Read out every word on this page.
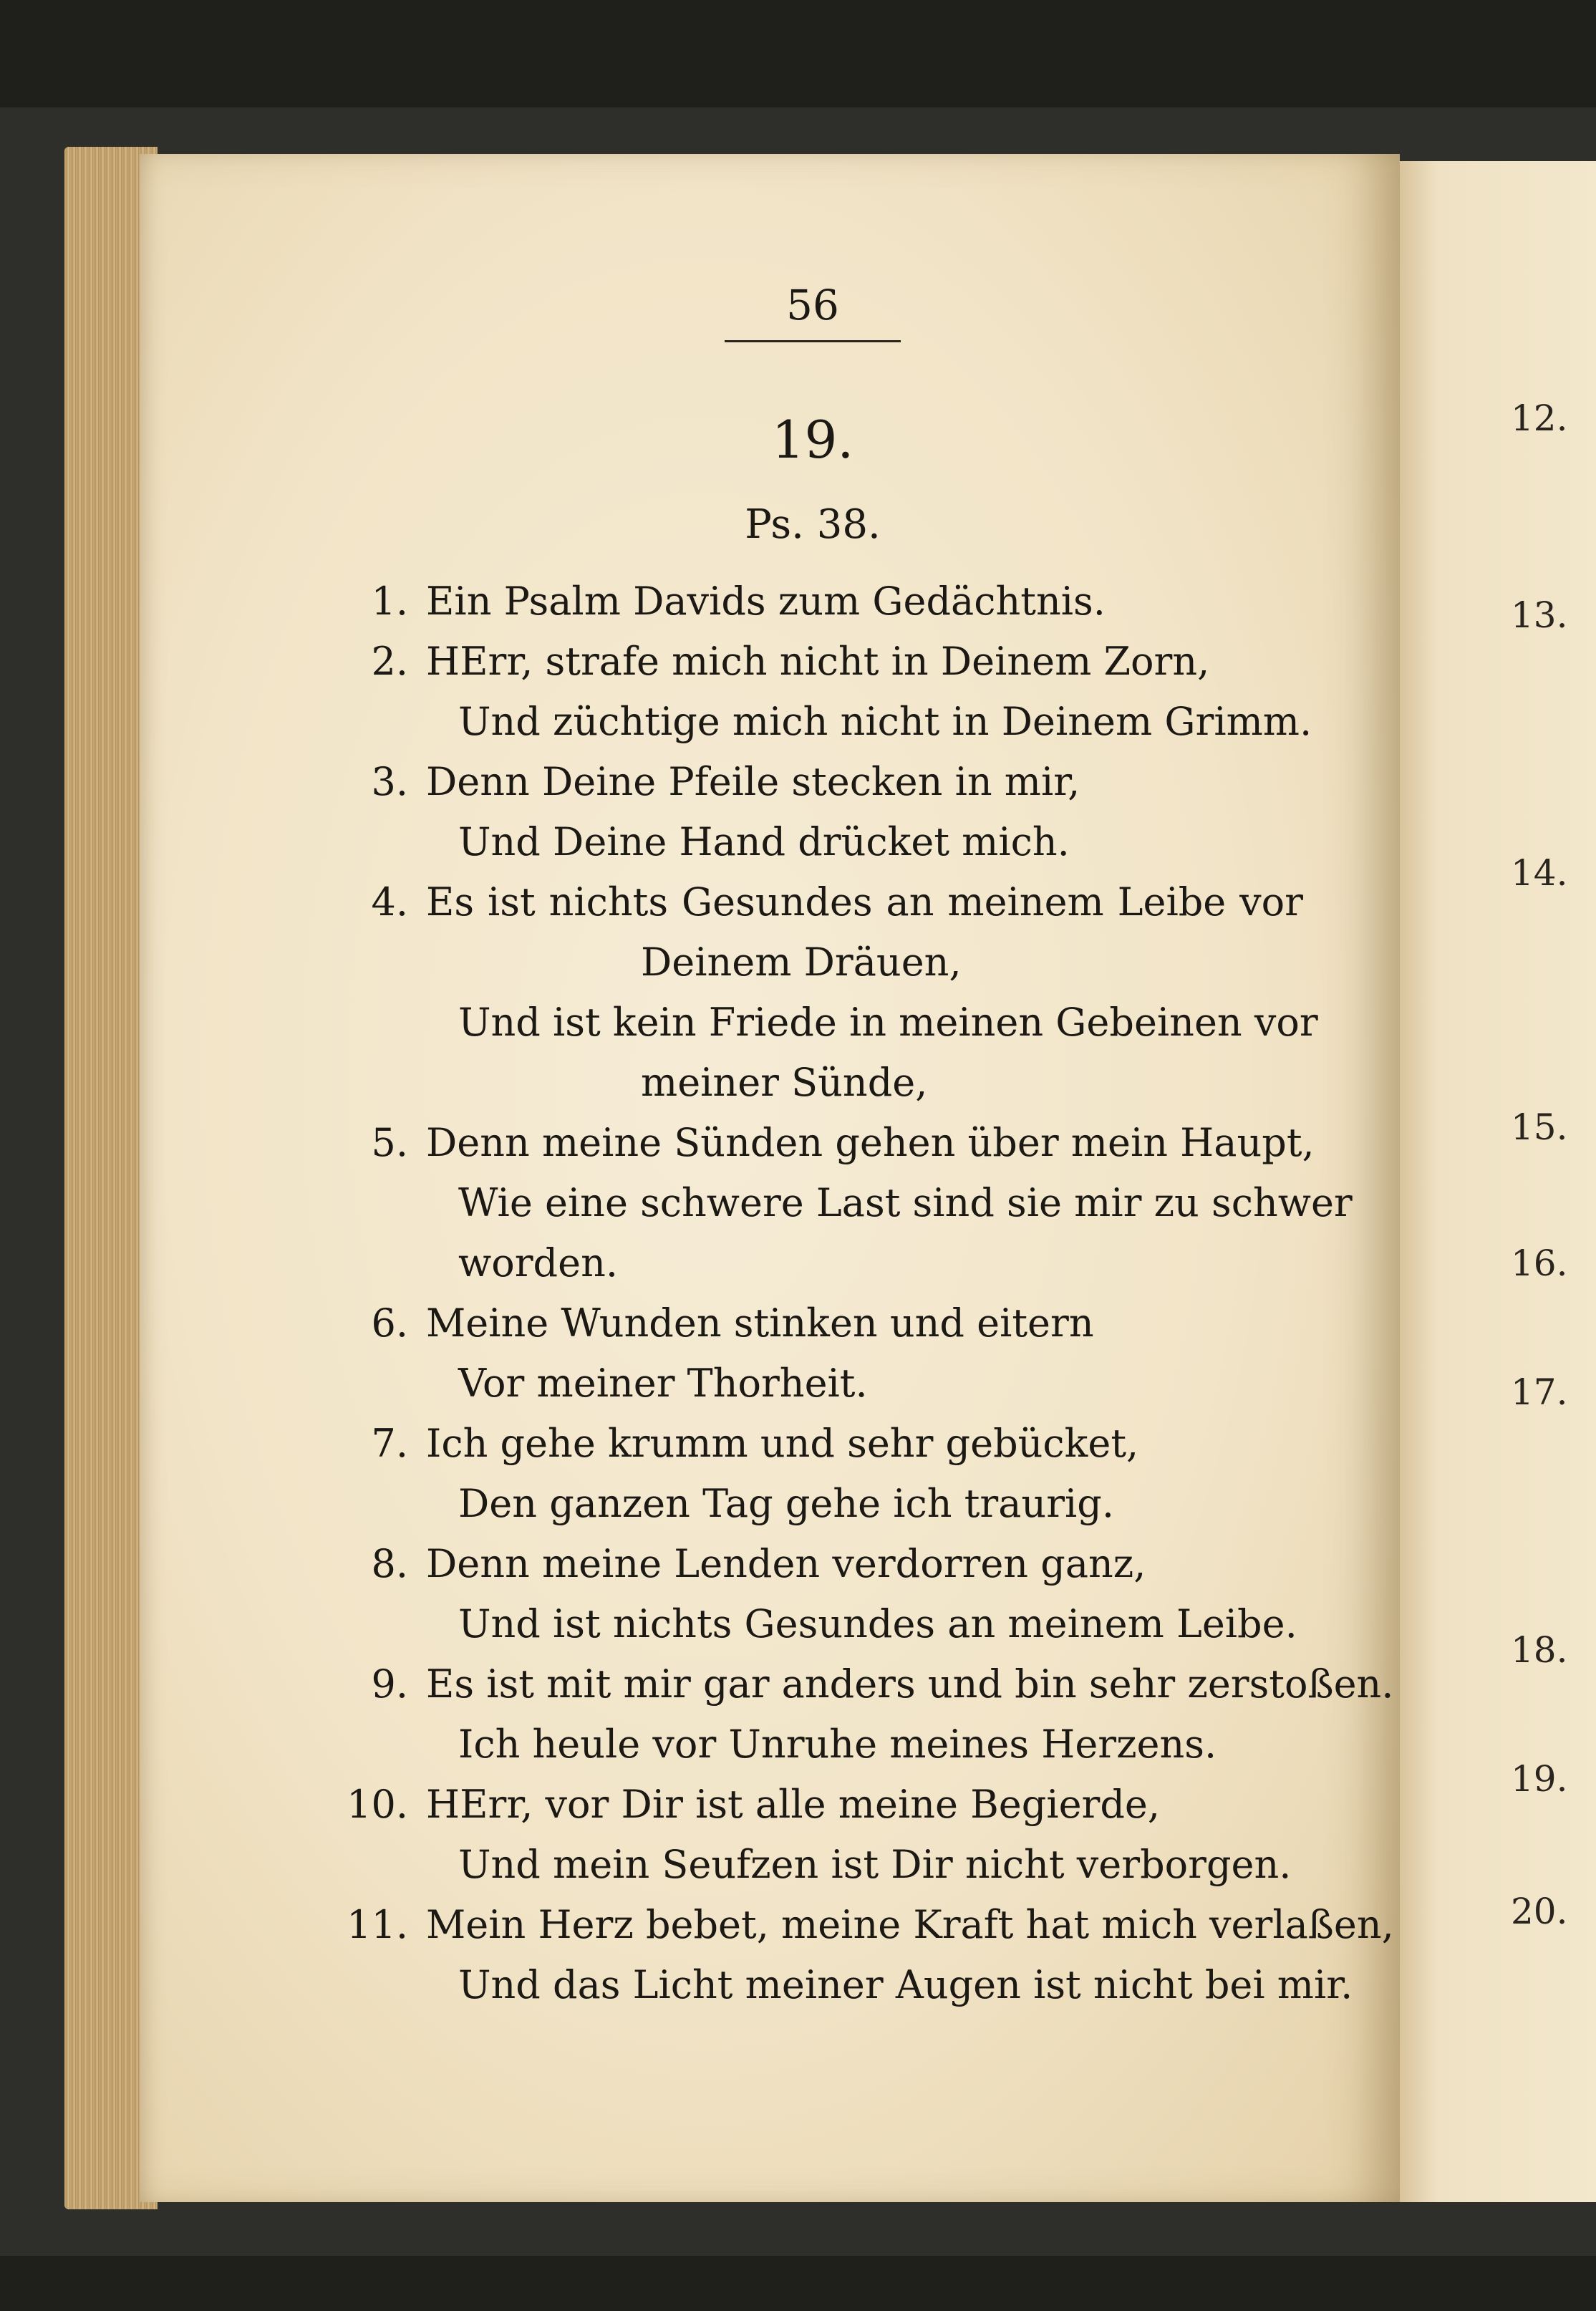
56
19.
Ps. 38.
1. Ein Psalm Davids zum Gedächtnis.
2. HErr, strafe mich nicht in Deinem Zorn,
Und züchtige mich nicht in Deinem Grimm.
3. Denn Deine Pfeile stecken in mir,
Und Deine Hand drücket mich.
4. Es ist nichts Gesundes an meinem Leibe vor
Deinem Dräuen,
Und ist kein Friede in meinen Gebeinen vor
meiner Sünde,
5. Denn meine Sünden gehen über mein Haupt,
Wie eine schwere Last sind sie mir zu schwer
worden.
6. Meine Wunden stinken und eitern
Vor meiner Thorheit.
7. Ich gehe krumm und sehr gebücket,
Den ganzen Tag gehe ich traurig.
8. Denn meine Lenden verdorren ganz,
Und ist nichts Gesundes an meinem Leibe.
9. Es ist mit mir gar anders und bin sehr zerstoßen.
Ich heule vor Unruhe meines Herzens.
10. HErr, vor Dir ist alle meine Begierde,
Und mein Seufzen ist Dir nicht verborgen.
11. Mein Herz bebet, meine Kraft hat mich verlaßen,
Und das Licht meiner Augen ist nicht bei mir.
12.
13.
14.
15.
16.
17.
18.
19.
20.
